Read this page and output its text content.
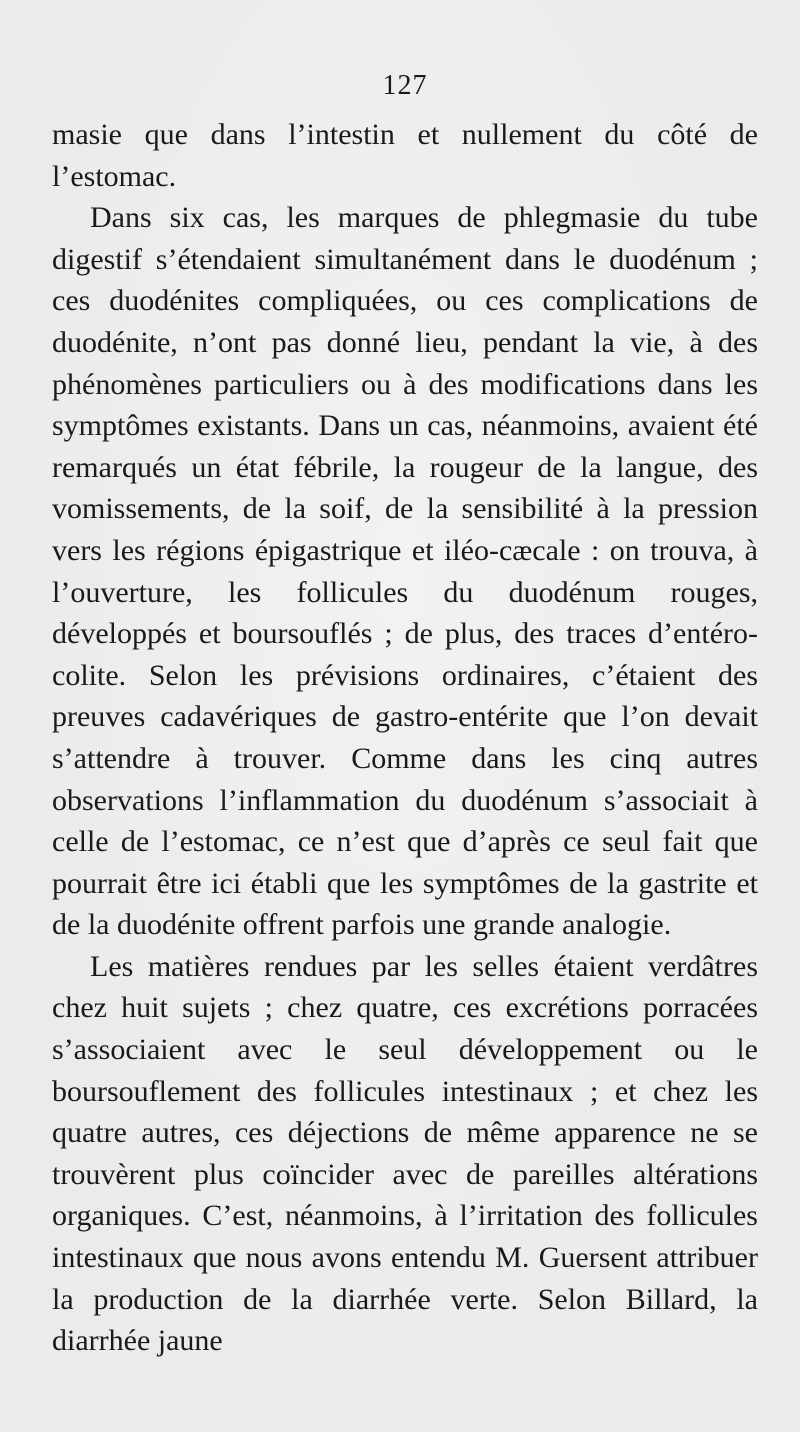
127

masie que dans l’intestin et nullement du côté de l’estomac.

Dans six cas, les marques de phlegmasie du tube digestif s’étendaient simultanément dans le duodénum ; ces duodénites compliquées, ou ces complications de duodénite, n’ont pas donné lieu, pendant la vie, à des phénomènes particuliers ou à des modifications dans les symptômes existants. Dans un cas, néanmoins, avaient été remarqués un état fébrile, la rougeur de la langue, des vomissements, de la soif, de la sensibilité à la pression vers les régions épigastrique et iléo-cæcale : on trouva, à l’ouverture, les follicules du duodénum rouges, développés et boursouflés ; de plus, des traces d’entéro-colite. Selon les prévisions ordinaires, c’étaient des preuves cadavériques de gastro-entérite que l’on devait s’attendre à trouver. Comme dans les cinq autres observations l’inflammation du duodénum s’associait à celle de l’estomac, ce n’est que d’après ce seul fait que pourrait être ici établi que les symptômes de la gastrite et de la duodénite offrent parfois une grande analogie.

Les matières rendues par les selles étaient verdâtres chez huit sujets ; chez quatre, ces excrétions porracées s’associaient avec le seul développement ou le boursouflement des follicules intestinaux ; et chez les quatre autres, ces déjections de même apparence ne se trouvèrent plus coïncider avec de pareilles altérations organiques. C’est, néanmoins, à l’irritation des follicules intestinaux que nous avons entendu M. Guersent attribuer la production de la diarrhée verte. Selon Billard, la diarrhée jaune
